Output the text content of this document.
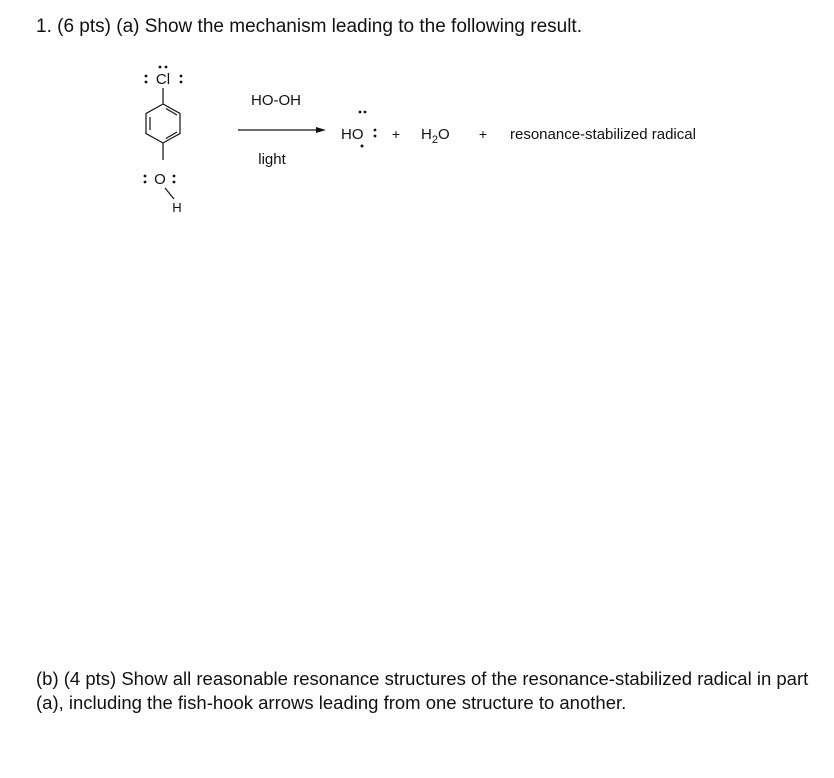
1. (6 pts) (a) Show the mechanism leading to the following result.
Cl
O
H
HO-OH
light
HO + $H_2O$ + resonance-stabilized radical
(b) (4 pts) Show all reasonable resonance structures of the resonance-stabilized radical in part (a), including the fish-hook arrows leading from one structure to another.
